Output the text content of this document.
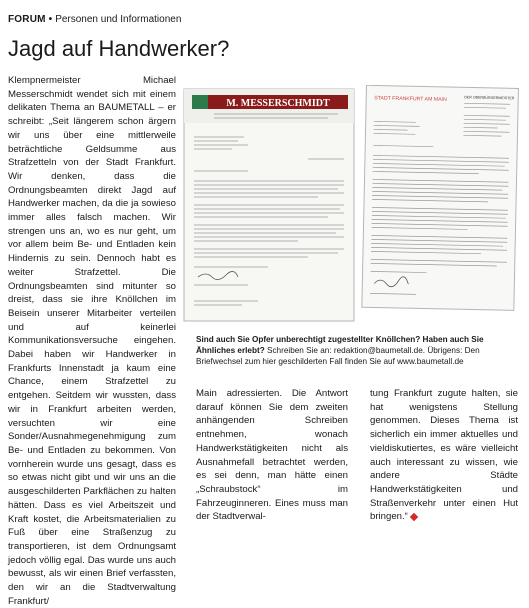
FORUM • Personen und Informationen
Jagd auf Handwerker?
Klempnermeister Michael Messerschmidt wendet sich mit einem delikaten Thema an BAUMETALL – er schreibt: „Seit längerem schon ärgern wir uns über eine mittlerweile beträchtliche Geldsumme aus Strafzetteln von der Stadt Frankfurt. Wir denken, dass die Ordnungsbeamten direkt Jagd auf Handwerker machen, da die ja sowieso immer alles falsch machen. Wir strengen uns an, wo es nur geht, um vor allem beim Be- und Entladen kein Hindernis zu sein. Dennoch habt es weiter Strafzettel. Die Ordnungsbeamten sind mitunter so dreist, dass sie ihre Knöllchen im Beisein unserer Mitarbeiter verteilen und auf keinerlei Kommunikationsversuche eingehen. Dabei haben wir Handwerker in Frankfurts Innenstadt ja kaum eine Chance, einem Strafzettel zu entgehen. Seitdem wir wussten, dass wir in Frankfurt arbeiten werden, versuchten wir eine Sonder/Ausnahmegenehmigung zum Be- und Entladen zu bekommen. Von vornherein wurde uns gesagt, dass es so etwas nicht gibt und wir uns an die ausgeschilderten Parkflächen zu halten hätten. Dass es viel Arbeitszeit und Kraft kostet, die Arbeitsmaterialien zu Fuß über eine Straßenzug zu transportieren, ist dem Ordnungsamt jedoch völlig egal. Das wurde uns auch bewusst, als wir einen Brief verfassten, den wir an die Stadtverwaltung Frankfurt/
M. MESSERSCHMIDT	STADT FRANKFURT AM MAIN	DER OBERBÜRGERMEISTER
Sind auch Sie Opfer unberechtigt zugestellter Knöllchen? Haben auch Sie Ähnliches erlebt? Schreiben Sie an: redaktion@baumetall.de. Übrigens: Den Briefwechsel zum hier geschilderten Fall finden Sie auf www.baumetall.de
Main adressierten. Die Antwort darauf können Sie dem zweiten anhängenden Schreiben entnehmen, wonach Handwerkstätigkeiten nicht als Ausnahmefall betrachtet werden, es sei denn, man hätte einen „Schraubstock“ im Fahrzeuginneren. Eines muss man der Stadtverwal-
tung Frankfurt zugute halten, sie hat wenigstens Stellung genommen. Dieses Thema ist sicherlich ein immer aktuelles und vieldiskutiertes, es wäre vielleicht auch interessant zu wissen, wie andere Städte Handwerkstätigkeiten und Straßenverkehr unter einen Hut bringen.“
